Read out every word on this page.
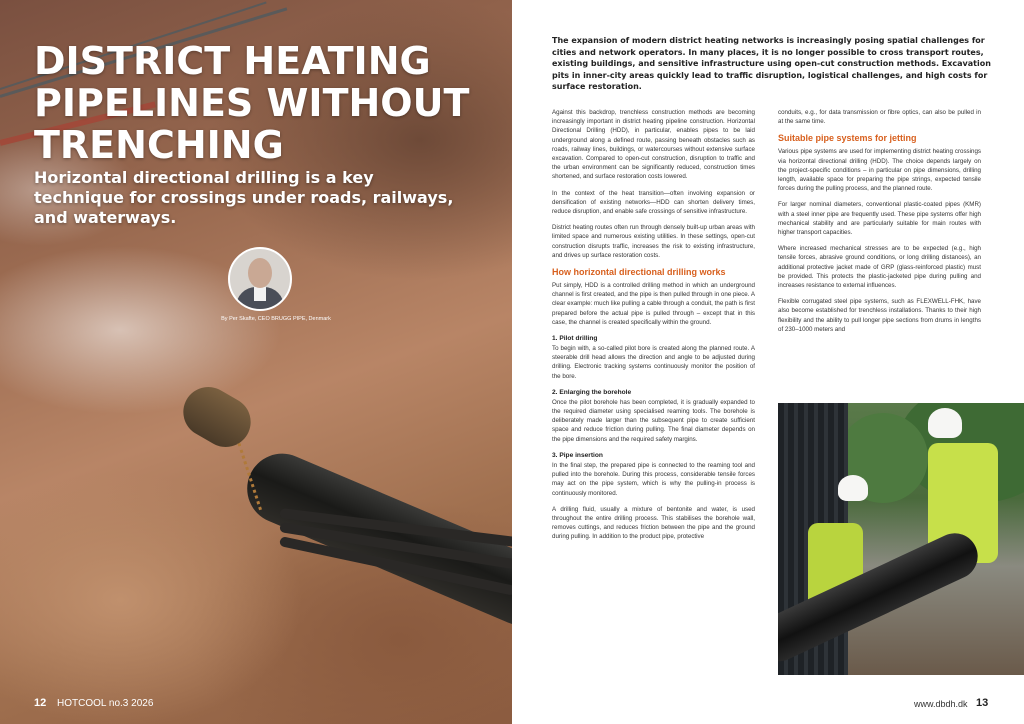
DISTRICT HEATING PIPELINES WITHOUT TRENCHING

Horizontal directional drilling is a key technique for crossings under roads, railways, and waterways.

By Per Skafte, CEO BRUGG PIPE, Denmark
12 HOTCOOL no.3 2026

The expansion of modern district heating networks is increasingly posing spatial challenges for cities and network operators. In many places, it is no longer possible to cross transport routes, existing buildings, and sensitive infrastructure using open-cut construction methods. Excavation pits in inner-city areas quickly lead to traffic disruption, logistical challenges, and high costs for surface restoration.

Against this backdrop, trenchless construction methods are becoming increasingly important in district heating pipeline construction. Horizontal Directional Drilling (HDD), in particular, enables pipes to be laid underground along a defined route, passing beneath obstacles such as roads, railway lines, buildings, or watercourses without extensive surface excavation. Compared to open-cut construction, disruption to traffic and the urban environment can be significantly reduced, construction times shortened, and surface restoration costs lowered.

In the context of the heat transition—often involving expansion or densification of existing networks—HDD can shorten delivery times, reduce disruption, and enable safe crossings of sensitive infrastructure.

District heating routes often run through densely built-up urban areas with limited space and numerous existing utilities. In these settings, open-cut construction disrupts traffic, increases the risk to existing infrastructure, and drives up surface restoration costs.

How horizontal directional drilling works

Put simply, HDD is a controlled drilling method in which an underground channel is first created, and the pipe is then pulled through in one piece. A clear example: much like pulling a cable through a conduit, the path is first prepared before the actual pipe is pulled through – except that in this case, the channel is created specifically within the ground.

1. Pilot drilling

To begin with, a so-called pilot bore is created along the planned route. A steerable drill head allows the direction and angle to be adjusted during drilling. Electronic tracking systems continuously monitor the position of the bore.

2. Enlarging the borehole

Once the pilot borehole has been completed, it is gradually expanded to the required diameter using specialised reaming tools. The borehole is deliberately made larger than the subsequent pipe to create sufficient space and reduce friction during pulling. The final diameter depends on the pipe dimensions and the required safety margins.

3. Pipe insertion

In the final step, the prepared pipe is connected to the reaming tool and pulled into the borehole. During this process, considerable tensile forces may act on the pipe system, which is why the pulling-in process is continuously monitored.

A drilling fluid, usually a mixture of bentonite and water, is used throughout the entire drilling process. This stabilises the borehole wall, removes cuttings, and reduces friction between the pipe and the ground during pulling. In addition to the product pipe, protective

conduits, e.g., for data transmission or fibre optics, can also be pulled in at the same time.

Suitable pipe systems for jetting

Various pipe systems are used for implementing district heating crossings via horizontal directional drilling (HDD). The choice depends largely on the project-specific conditions – in particular on pipe dimensions, drilling length, available space for preparing the pipe strings, expected tensile forces during the pulling process, and the planned route.

For larger nominal diameters, conventional plastic-coated pipes (KMR) with a steel inner pipe are frequently used. These pipe systems offer high mechanical stability and are particularly suitable for main routes with higher transport capacities.

Where increased mechanical stresses are to be expected (e.g., high tensile forces, abrasive ground conditions, or long drilling distances), an additional protective jacket made of GRP (glass-reinforced plastic) must be provided. This protects the plastic-jacketed pipe during pulling and increases resistance to external influences.

Flexible corrugated steel pipe systems, such as FLEXWELL-FHK, have also become established for trenchless installations. Thanks to their high flexibility and the ability to pull longer pipe sections from drums in lengths of 230–1000 meters and

www.dbdh.dk 13
